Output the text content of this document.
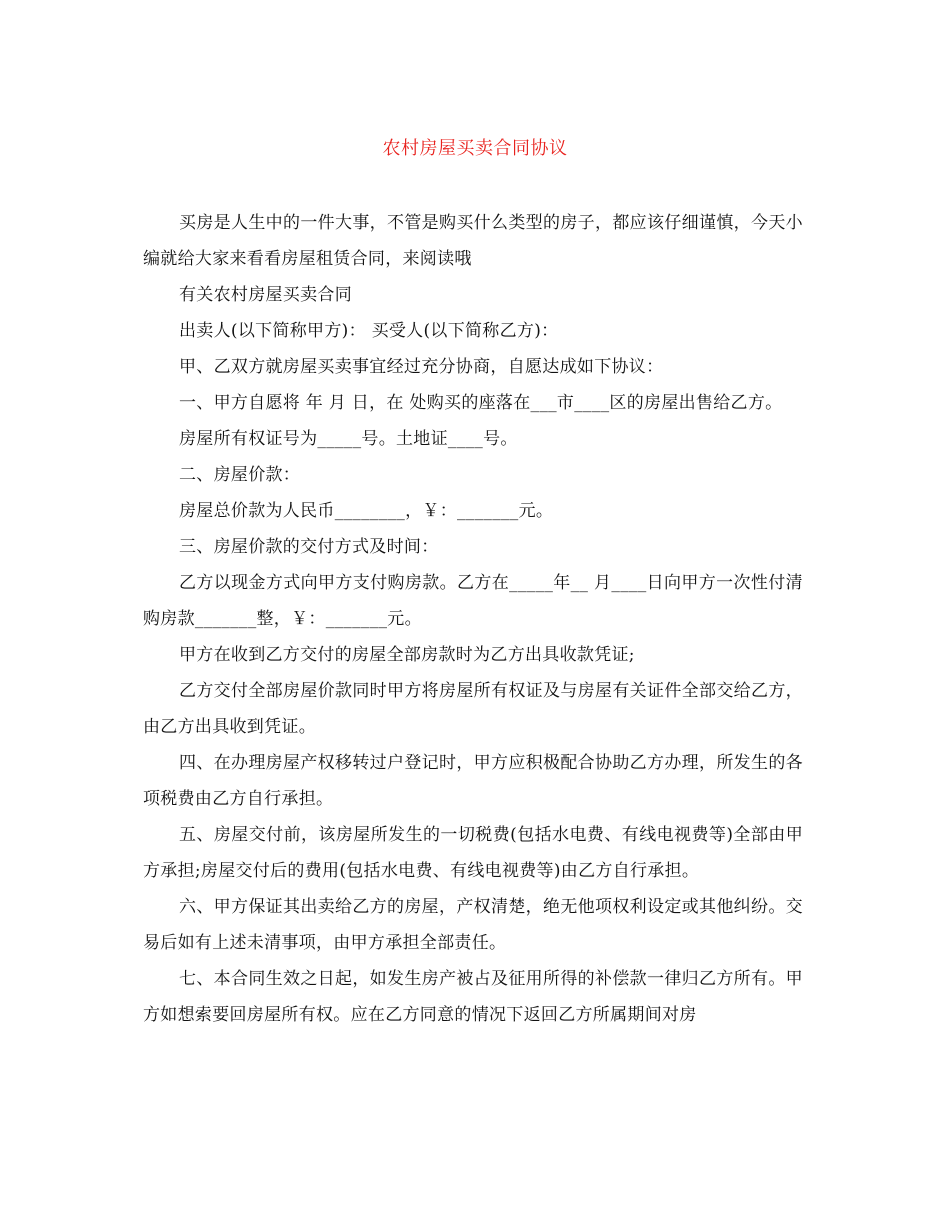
农村房屋买卖合同协议

买房是人生中的一件大事，不管是购买什么类型的房子，都应该仔细谨慎，今天小编就给大家来看看房屋租赁合同，来阅读哦

有关农村房屋买卖合同

出卖人(以下简称甲方)： 买受人(以下简称乙方)：

甲、乙双方就房屋买卖事宜经过充分协商，自愿达成如下协议：

一、甲方自愿将 年 月 日，在 处购买的座落在___市____区的房屋出售给乙方。

房屋所有权证号为_____号。土地证____号。

二、房屋价款：

房屋总价款为人民币________，￥：_______元。

三、房屋价款的交付方式及时间：

乙方以现金方式向甲方支付购房款。乙方在_____年__ 月____日向甲方一次性付清购房款_______整，￥：_______元。

甲方在收到乙方交付的房屋全部房款时为乙方出具收款凭证;

乙方交付全部房屋价款同时甲方将房屋所有权证及与房屋有关证件全部交给乙方，由乙方出具收到凭证。

四、在办理房屋产权移转过户登记时，甲方应积极配合协助乙方办理，所发生的各项税费由乙方自行承担。

五、房屋交付前，该房屋所发生的一切税费(包括水电费、有线电视费等)全部由甲方承担;房屋交付后的费用(包括水电费、有线电视费等)由乙方自行承担。

六、甲方保证其出卖给乙方的房屋，产权清楚，绝无他项权利设定或其他纠纷。交易后如有上述未清事项，由甲方承担全部责任。

七、本合同生效之日起，如发生房产被占及征用所得的补偿款一律归乙方所有。甲方如想索要回房屋所有权。应在乙方同意的情况下返回乙方所属期间对房
